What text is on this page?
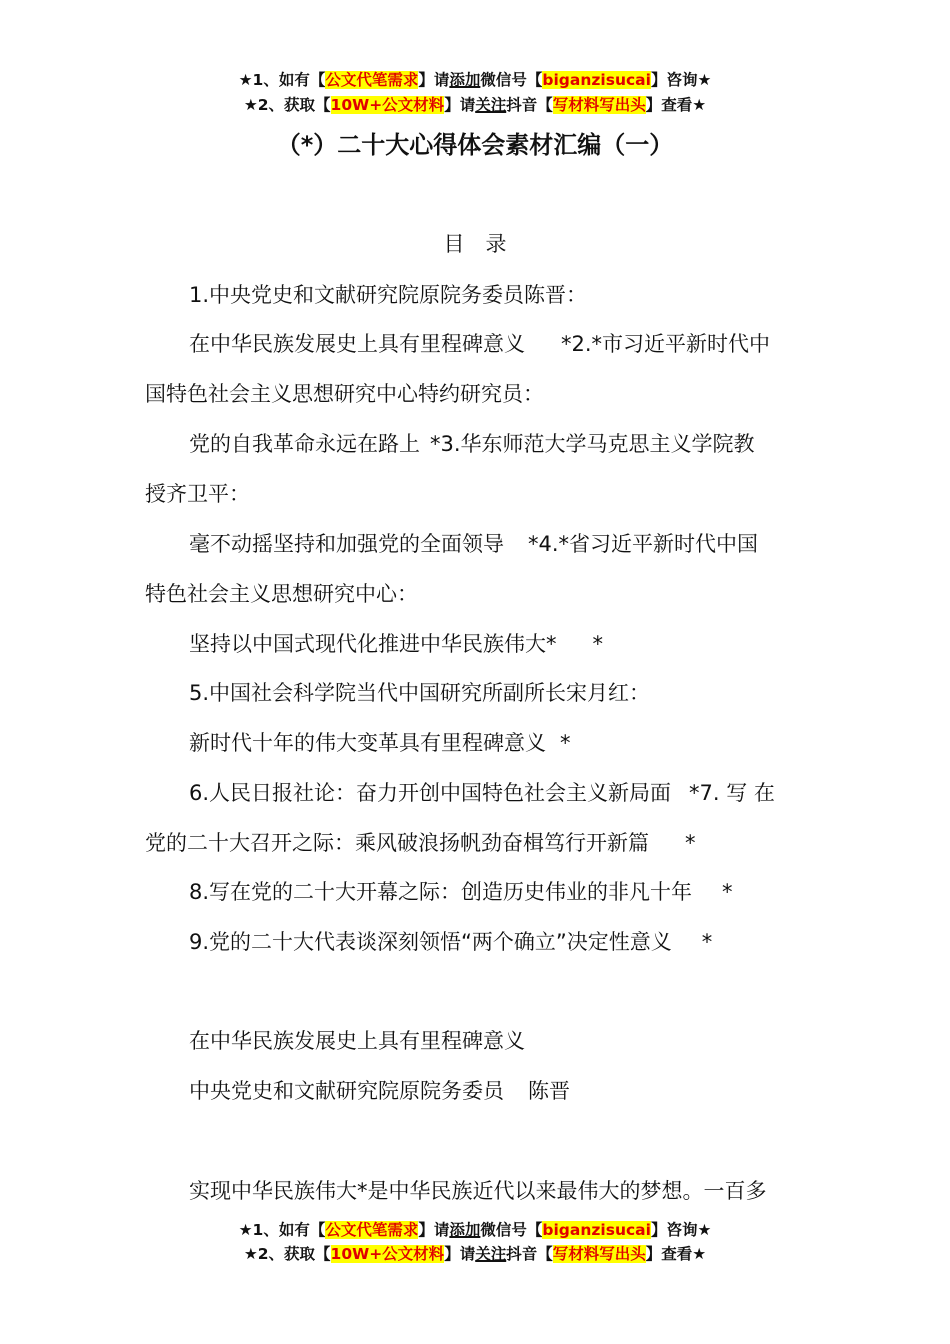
★1、如有【公文代笔需求】请添加微信号【biganzisucai】咨询★
★2、获取【10W+公文材料】请关注抖音【写材料写出头】查看★
（*）二十大心得体会素材汇编（一）
目　录
1.中央党史和文献研究院原院务委员陈晋：
在中华民族发展史上具有里程碑意义 *2.*市习近平新时代中
国特色社会主义思想研究中心特约研究员：
党的自我革命永远在路上 *3.华东师范大学马克思主义学院教
授齐卫平：
毫不动摇坚持和加强党的全面领导 *4.*省习近平新时代中国
特色社会主义思想研究中心：
坚持以中国式现代化推进中华民族伟大* *
5.中国社会科学院当代中国研究所副所长宋月红：
新时代十年的伟大变革具有里程碑意义 *
6.人民日报社论：奋力开创中国特色社会主义新局面 *7. 写 在
党的二十大召开之际：乘风破浪扬帆劲奋楫笃行开新篇 *
8.写在党的二十大开幕之际：创造历史伟业的非凡十年 *
9.党的二十大代表谈深刻领悟“两个确立”决定性意义 *
在中华民族发展史上具有里程碑意义
中央党史和文献研究院原院务委员 陈晋
实现中华民族伟大*是中华民族近代以来最伟大的梦想。一百多
★1、如有【公文代笔需求】请添加微信号【biganzisucai】咨询★
★2、获取【10W+公文材料】请关注抖音【写材料写出头】查看★
